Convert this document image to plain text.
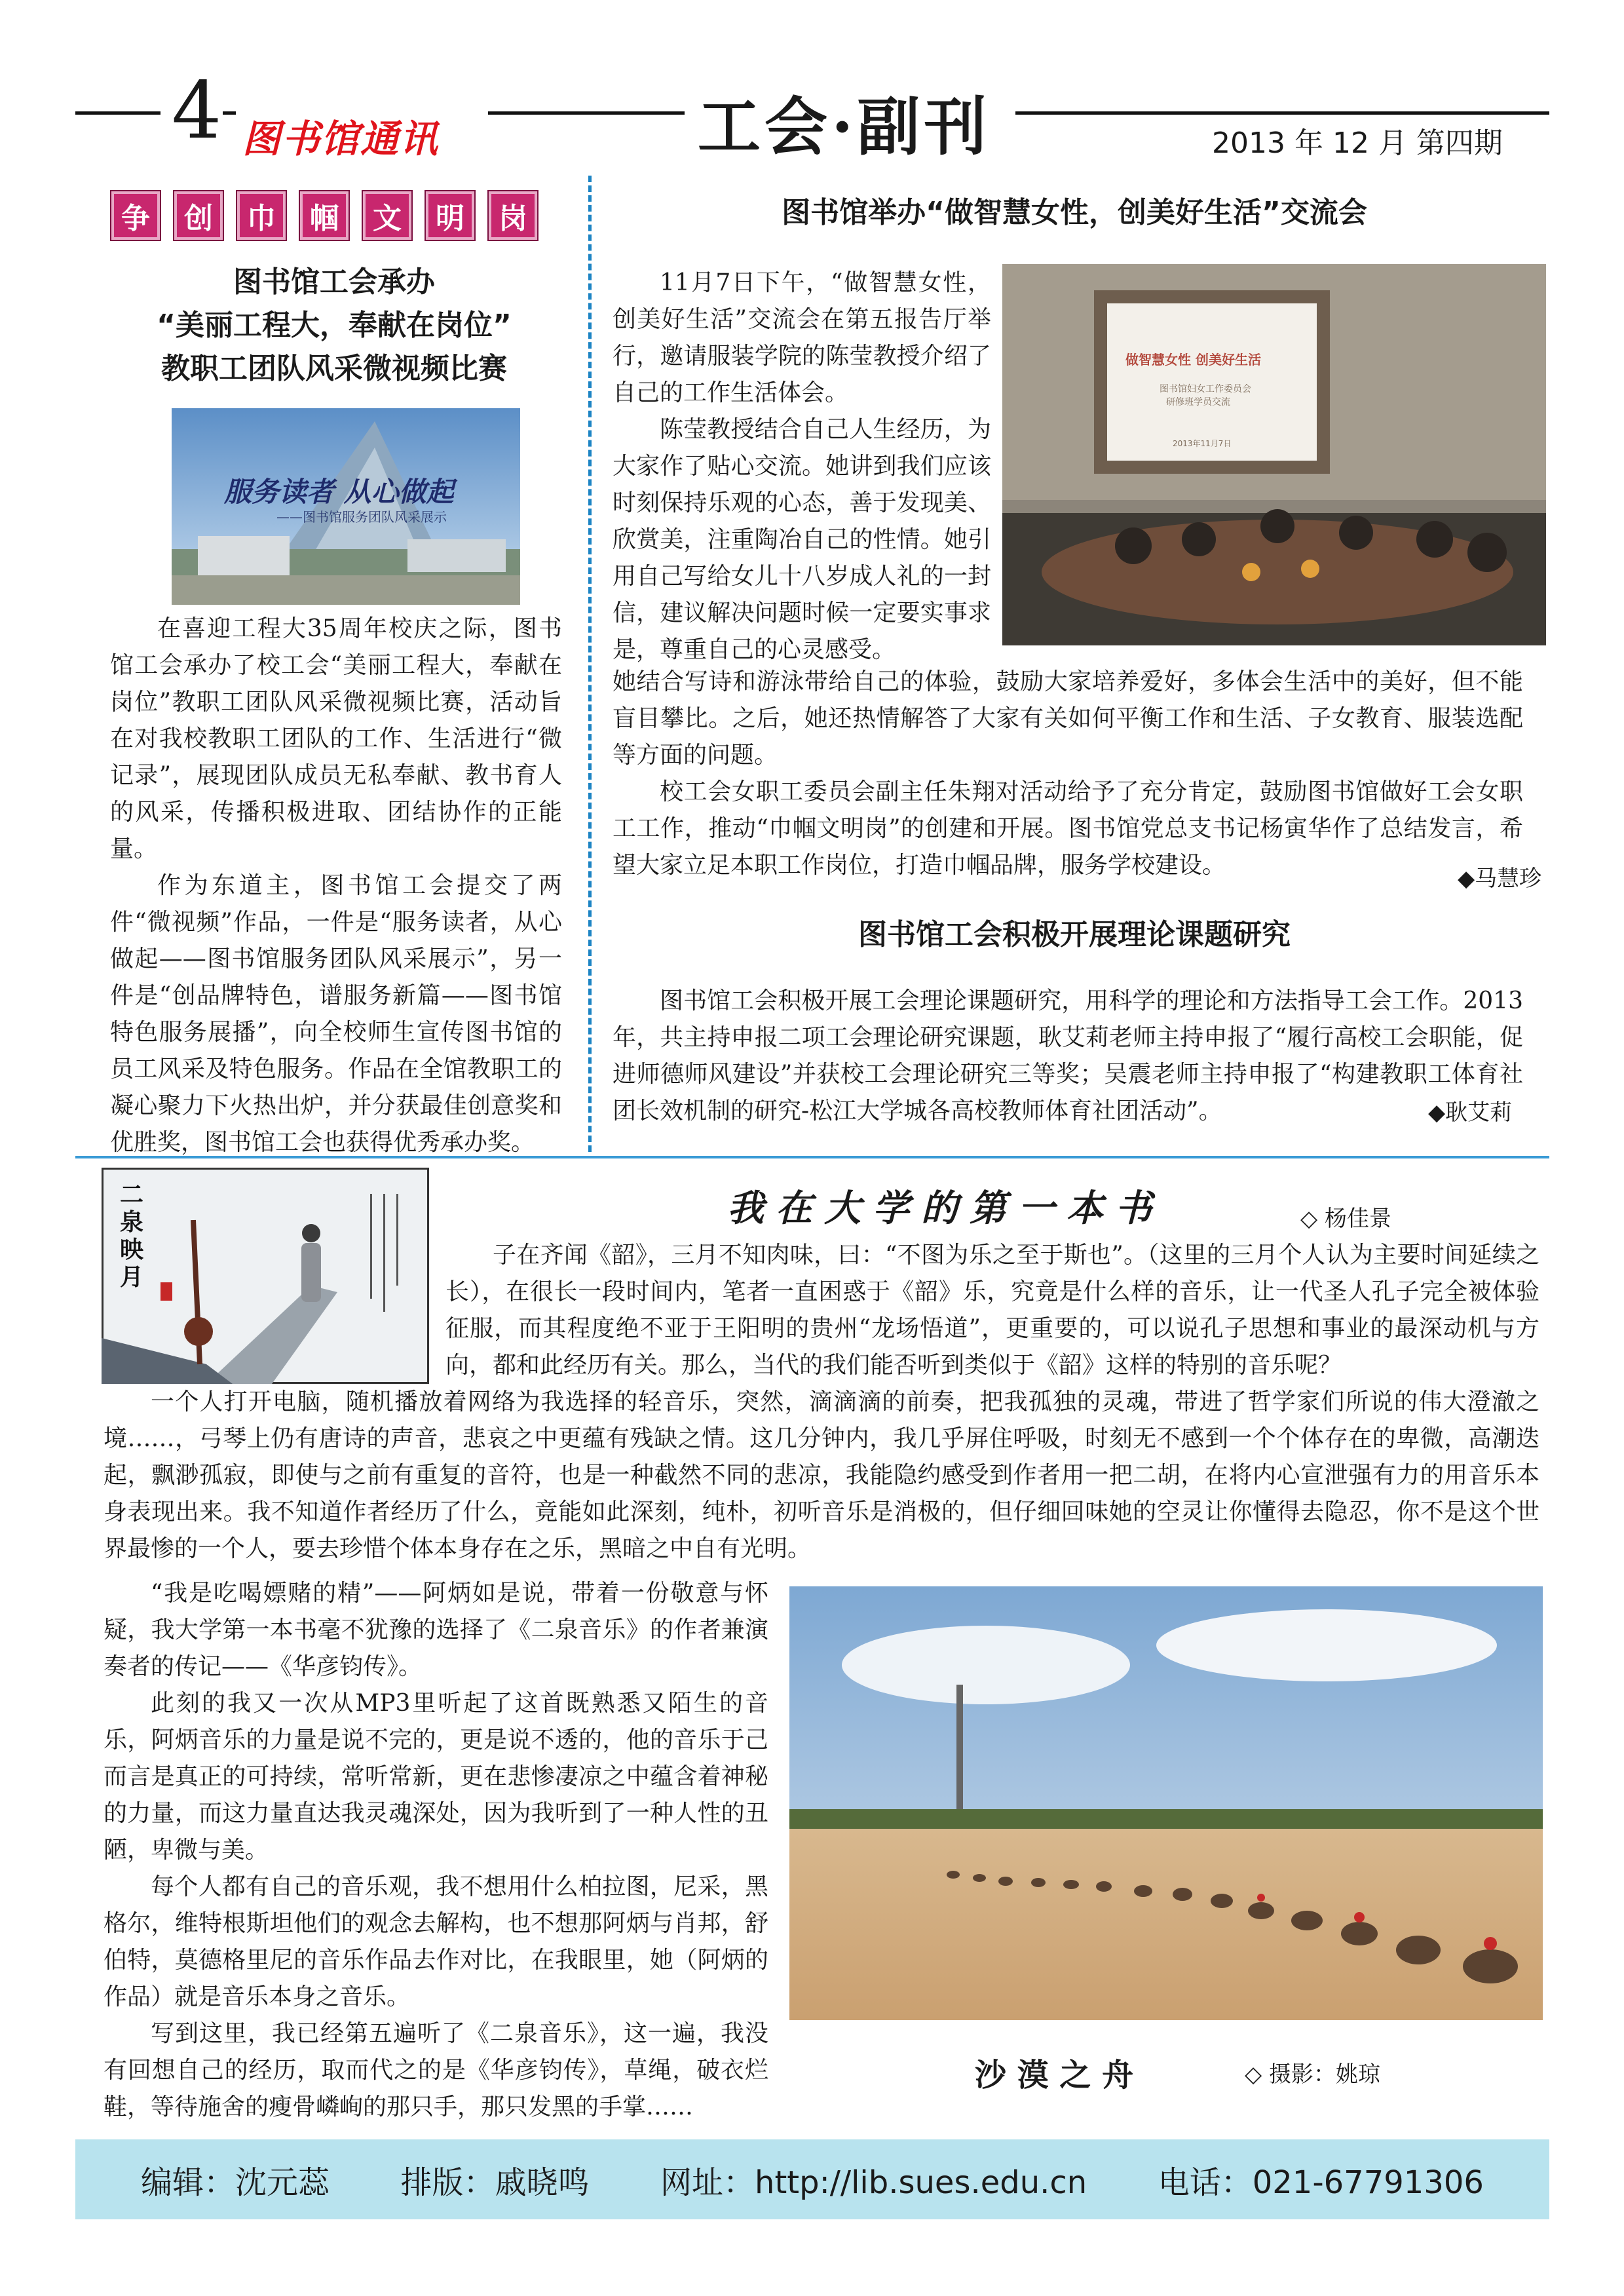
4 图书馆通讯	工会·副刊	2013 年 12 月 第四期
争	创	巾	帼	文	明	岗
图书馆工会承办
“美丽工程大，奉献在岗位”
教职工团队风采微视频比赛
服务读者 从心做起
——图书馆服务团队风采展示

在喜迎工程大35周年校庆之际，图书馆工会承办了校工会“美丽工程大，奉献在岗位”教职工团队风采微视频比赛，活动旨在对我校教职工团队的工作、生活进行“微记录”，展现团队成员无私奉献、教书育人的风采，传播积极进取、团结协作的正能量。

作为东道主，图书馆工会提交了两件“微视频”作品，一件是“服务读者，从心做起——图书馆服务团队风采展示”，另一件是“创品牌特色，谱服务新篇——图书馆特色服务展播”，向全校师生宣传图书馆的员工风采及特色服务。作品在全馆教职工的凝心聚力下火热出炉，并分获最佳创意奖和优胜奖，图书馆工会也获得优秀承办奖。

图书馆举办“做智慧女性，创美好生活”交流会

11月7日下午，“做智慧女性，创美好生活”交流会在第五报告厅举行，邀请服装学院的陈莹教授介绍了自己的工作生活体会。

陈莹教授结合自己人生经历，为大家作了贴心交流。她讲到我们应该时刻保持乐观的心态，善于发现美、欣赏美，注重陶冶自己的性情。她引用自己写给女儿十八岁成人礼的一封信，建议解决问题时候一定要实事求是，尊重自己的心灵感受。

做智慧女性 创美好生活
图书馆妇女工作委员会
研修班学员交流
2013年11月7日
她结合写诗和游泳带给自己的体验，鼓励大家培养爱好，多体会生活中的美好，但不能盲目攀比。之后，她还热情解答了大家有关如何平衡工作和生活、子女教育、服装选配等方面的问题。

校工会女职工委员会副主任朱翔对活动给予了充分肯定，鼓励图书馆做好工会女职工工作，推动“巾帼文明岗”的创建和开展。图书馆党总支书记杨寅华作了总结发言，希望大家立足本职工作岗位，打造巾帼品牌，服务学校建设。	◆马慧珍
图书馆工会积极开展理论课题研究

图书馆工会积极开展工会理论课题研究，用科学的理论和方法指导工会工作。2013年，共主持申报二项工会理论研究课题，耿艾莉老师主持申报了“履行高校工会职能，促进师德师风建设”并获校工会理论研究三等奖；吴震老师主持申报了“构建教职工体育社团长效机制的研究-松江大学城各高校教师体育社团活动”。	◆耿艾莉
二泉映月
我在大学的第一本书	◇ 杨佳景

子在齐闻《韶》，三月不知肉味，曰：“不图为乐之至于斯也”。（这里的三月个人认为主要时间延续之长），在很长一段时间内，笔者一直困惑于《韶》乐，究竟是什么样的音乐，让一代圣人孔子完全被体验征服，而其程度绝不亚于王阳明的贵州“龙场悟道”，更重要的，可以说孔子思想和事业的最深动机与方向，都和此经历有关。那么，当代的我们能否听到类似于《韶》这样的特别的音乐呢？

一个人打开电脑，随机播放着网络为我选择的轻音乐，突然，滴滴滴的前奏，把我孤独的灵魂，带进了哲学家们所说的伟大澄澈之境……，弓琴上仍有唐诗的声音，悲哀之中更蕴有残缺之情。这几分钟内，我几乎屏住呼吸，时刻无不感到一个个体存在的卑微，高潮迭起，飘渺孤寂，即使与之前有重复的音符，也是一种截然不同的悲凉，我能隐约感受到作者用一把二胡，在将内心宣泄强有力的用音乐本身表现出来。我不知道作者经历了什么，竟能如此深刻，纯朴，初听音乐是消极的，但仔细回味她的空灵让你懂得去隐忍，你不是这个世界最惨的一个人，要去珍惜个体本身存在之乐，黑暗之中自有光明。

“我是吃喝嫖赌的精”——阿炳如是说，带着一份敬意与怀疑，我大学第一本书毫不犹豫的选择了《二泉音乐》的作者兼演奏者的传记——《华彦钧传》。

此刻的我又一次从MP3里听起了这首既熟悉又陌生的音乐，阿炳音乐的力量是说不完的，更是说不透的，他的音乐于己而言是真正的可持续，常听常新，更在悲惨凄凉之中蕴含着神秘的力量，而这力量直达我灵魂深处，因为我听到了一种人性的丑陋，卑微与美。

每个人都有自己的音乐观，我不想用什么柏拉图，尼采，黑格尔，维特根斯坦他们的观念去解构，也不想那阿炳与肖邦，舒伯特，莫德格里尼的音乐作品去作对比，在我眼里，她（阿炳的作品）就是音乐本身之音乐。

写到这里，我已经第五遍听了《二泉音乐》，这一遍，我没有回想自己的经历，取而代之的是《华彦钧传》，草绳，破衣烂鞋，等待施舍的瘦骨嶙峋的那只手，那只发黑的手掌……

沙 漠 之 舟	◇ 摄影：姚琼
编辑：沈元蕊 排版：戚晓鸣 网址：http://lib.sues.edu.cn 电话：021-67791306
